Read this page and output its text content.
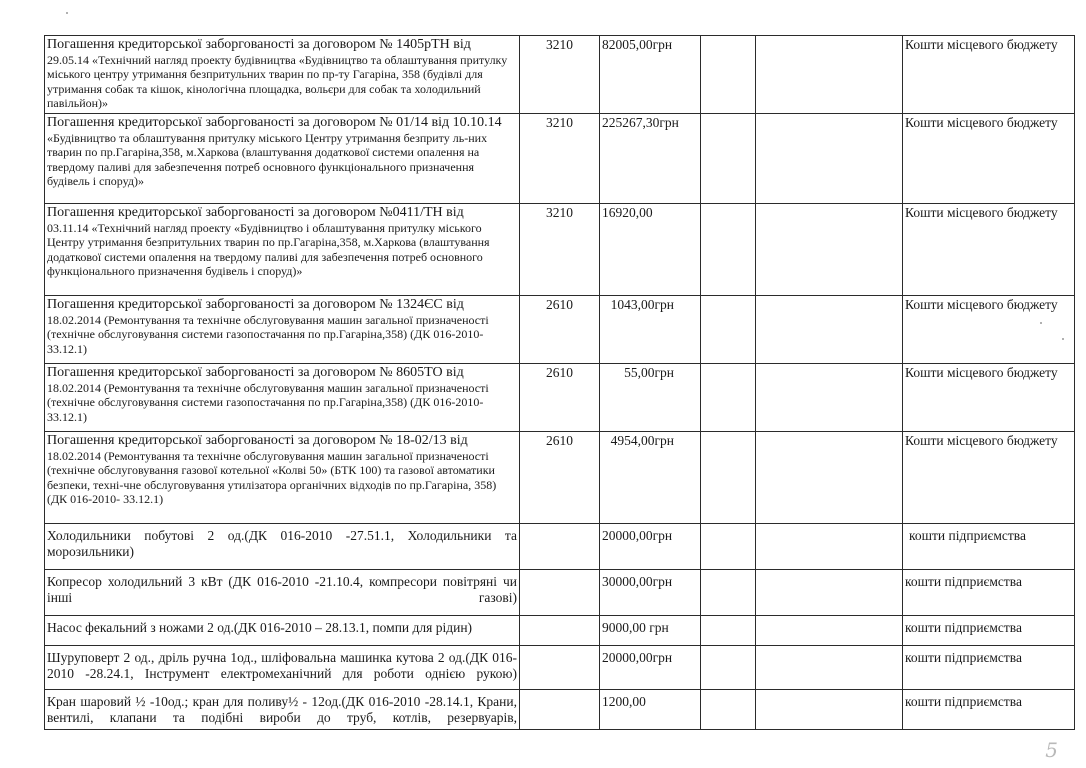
Погашення кредиторської заборгованості за договором № 1405рТН від
29.05.14 «Технічний нагляд проекту будівництва «Будівництво та облаштування притулку міського центру утримання безпритульних тварин по пр-ту Гагаріна, 358 (будівлі для утримання собак та кішок, кінологічна площадка, вольєри для собак та холодильний павільйон)»	3210	82005,00грн			Кошти місцевого бюджету

Погашення кредиторської заборгованості за договором № 01/14 від 10.10.14
«Будівництво та облаштування притулку міського Центру утримання безприту ль-них тварин по пр.Гагаріна,358, м.Харкова (влаштування додаткової системи опалення на твердому паливі для забезпечення потреб основного функціонального призначення будівель і споруд)»	3210	225267,30грн			Кошти місцевого бюджету

Погашення кредиторської заборгованості за договором №0411/ТН від
03.11.14 «Технічний нагляд проекту «Будівництво і облаштування притулку міського Центру утримання безпритульних тварин по пр.Гагаріна,358, м.Харкова (влаштування додаткової системи опалення на твердому паливі для забезпечення потреб основного функціонального призначення будівель і споруд)»	3210	16920,00			Кошти місцевого бюджету

Погашення кредиторської заборгованості за договором № 1324ЄС від
18.02.2014 (Ремонтування та технічне обслуговування машин загальної призначеності (технічне обслуговування системи газопостачання по пр.Гагаріна,358) (ДК 016-2010- 33.12.1)	2610	1043,00грн			Кошти місцевого бюджету

Погашення кредиторської заборгованості за договором № 8605ТО від
18.02.2014 (Ремонтування та технічне обслуговування машин загальної призначеності (технічне обслуговування системи газопостачання по пр.Гагаріна,358) (ДК 016-2010- 33.12.1)	2610	55,00грн			Кошти місцевого бюджету

Погашення кредиторської заборгованості за договором № 18-02/13 від
18.02.2014 (Ремонтування та технічне обслуговування машин загальної призначеності (технічне обслуговування газової котельної «Колві 50» (БТК 100) та газової автоматики безпеки, техні-чне обслуговування утилізатора органічних відходів по пр.Гагаріна, 358) (ДК 016-2010- 33.12.1)	2610	4954,00грн			Кошти місцевого бюджету
Холодильники побутові 2 од.(ДК 016-2010 -27.51.1, Холодильники та морозильники)		20000,00грн			кошти підприємства
Копресор холодильний 3 кВт (ДК 016-2010 -21.10.4, компресори повітряні чи інші газові)		30000,00грн			кошти підприємства
Насос фекальний з ножами 2 од.(ДК 016-2010 – 28.13.1, помпи для рідин)		9000,00 грн			кошти підприємства
Шуруповерт 2 од., дріль ручна 1од., шліфовальна машинка кутова 2 од.(ДК 016-2010 -28.24.1, Інструмент електромеханічний для роботи однією рукою)		20000,00грн			кошти підприємства
Кран шаровий ½ -10од.; кран для поливу½ - 12од.(ДК 016-2010 -28.14.1, Крани, вентилі, клапани та подібні вироби до труб, котлів, резервуарів,		1200,00			кошти підприємства
5
